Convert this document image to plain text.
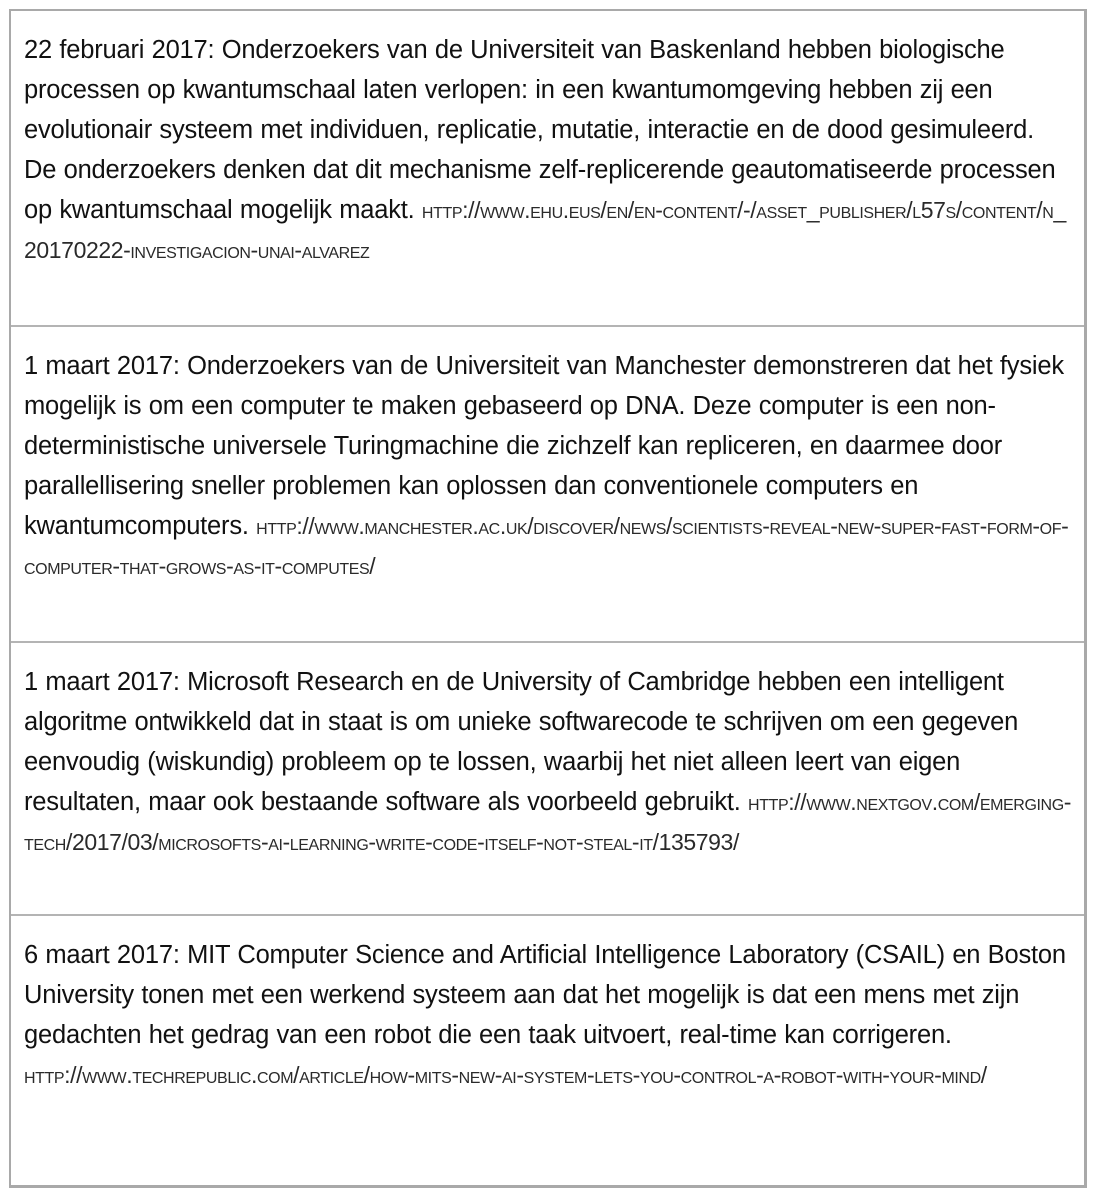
22 februari 2017: Onderzoekers van de Universiteit van Baskenland hebben biologische processen op kwantumschaal laten verlopen: in een kwantumomgeving hebben zij een evolutionair systeem met individuen, replicatie, mutatie, interactie en de dood gesimuleerd. De onderzoekers denken dat dit mechanisme zelf-replicerende geautomatiseerde processen op kwantumschaal mogelijk maakt. http://www.ehu.eus/en/en-content/-/asset_publisher/l57s/content/n_20170222-investigacion-unai-alvarez
1 maart 2017: Onderzoekers van de Universiteit van Manchester demonstreren dat het fysiek mogelijk is om een computer te maken gebaseerd op DNA. Deze computer is een non-deterministische universele Turingmachine die zichzelf kan repliceren, en daarmee door parallellisering sneller problemen kan oplossen dan conventionele computers en kwantumcomputers. http://www.manchester.ac.uk/discover/news/scientists-reveal-new-super-fast-form-of-computer-that-grows-as-it-computes/
1 maart 2017: Microsoft Research en de University of Cambridge hebben een intelligent algoritme ontwikkeld dat in staat is om unieke softwarecode te schrijven om een gegeven eenvoudig (wiskundig) probleem op te lossen, waarbij het niet alleen leert van eigen resultaten, maar ook bestaande software als voorbeeld gebruikt. http://www.nextgov.com/emerging-tech/2017/03/microsofts-ai-learning-write-code-itself-not-steal-it/135793/
6 maart 2017: MIT Computer Science and Artificial Intelligence Laboratory (CSAIL) en Boston University tonen met een werkend systeem aan dat het mogelijk is dat een mens met zijn gedachten het gedrag van een robot die een taak uitvoert, real-time kan corrigeren.
http://www.techrepublic.com/article/how-mits-new-ai-system-lets-you-control-a-robot-with-your-mind/
